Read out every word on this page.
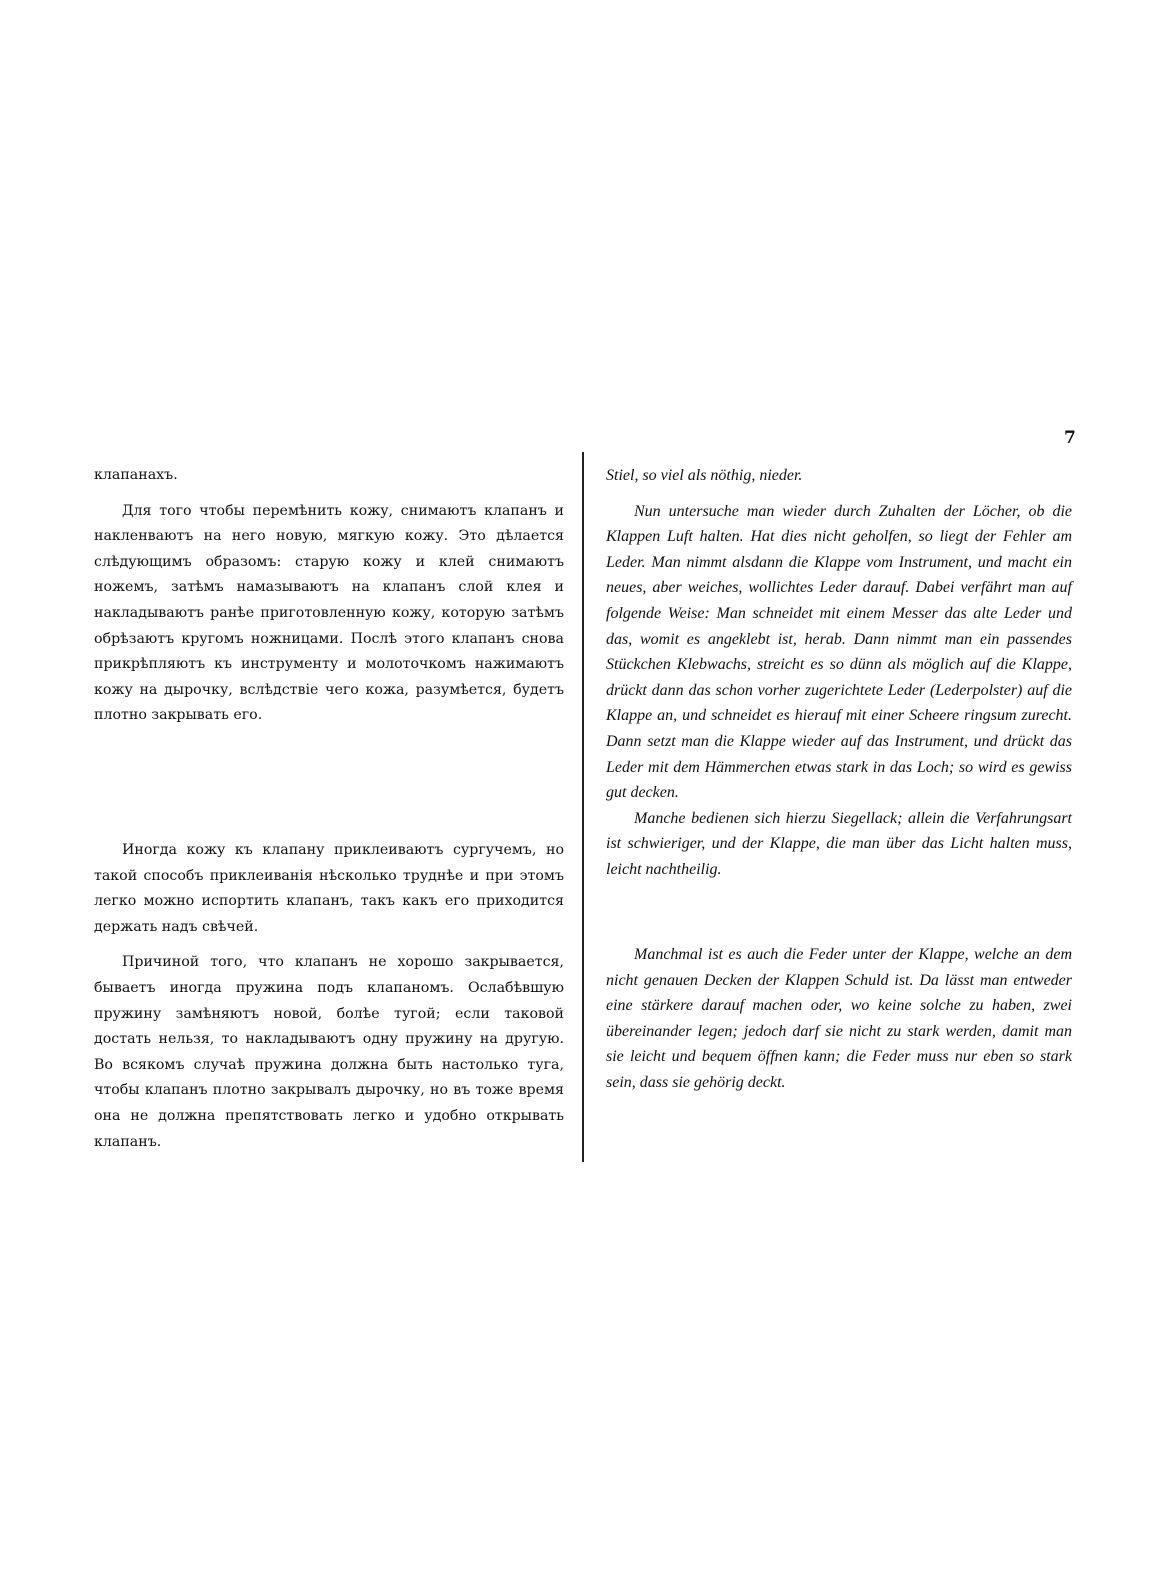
7

клапанахъ.

Для того чтобы перемѣнить кожу, снимаютъ клапанъ и накленваютъ на него новую, мягкую кожу. Это дѣлается слѣдующимъ образомъ: старую кожу и клей снимаютъ ножемъ, затѣмъ намазываютъ на клапанъ слой клея и накладываютъ ранѣе приготовленную кожу, которую затѣмъ обрѣзаютъ кругомъ ножницами. Послѣ этого клапанъ снова прикрѣпляютъ къ инструменту и молоточкомъ нажимаютъ кожу на дырочку, вслѣдствіе чего кожа, разумѣется, будетъ плотно закрывать его.

Иногда кожу къ клапану приклеиваютъ сургучемъ, но такой способъ приклеиванія нѣсколько труднѣе и при этомъ легко можно испортить клапанъ, такъ какъ его приходится держать надъ свѣчей.

Причиной того, что клапанъ не хорошо закрывается, бываетъ иногда пружина подъ клапаномъ. Ослабѣвшую пружину замѣняютъ новой, болѣе тугой; если таковой достать нельзя, то накладываютъ одну пружину на другую. Во всякомъ случаѣ пружина должна быть настолько туга, чтобы клапанъ плотно закрывалъ дырочку, но въ тоже время она не должна препятствовать легко и удобно открывать клапанъ.

Stiel, so viel als nöthig, nieder.

Nun untersuche man wieder durch Zuhalten der Löcher, ob die Klappen Luft halten. Hat dies nicht geholfen, so liegt der Fehler am Leder. Man nimmt alsdann die Klappe vom Instrument, und macht ein neues, aber weiches, wollichtes Leder darauf. Dabei verfährt man auf folgende Weise: Man schneidet mit einem Messer das alte Leder und das, womit es angeklebt ist, herab. Dann nimmt man ein passendes Stückchen Klebwachs, streicht es so dünn als möglich auf die Klappe, drückt dann das schon vorher zugerichtete Leder (Lederpolster) auf die Klappe an, und schneidet es hierauf mit einer Scheere ringsum zurecht. Dann setzt man die Klappe wieder auf das Instrument, und drückt das Leder mit dem Hämmerchen etwas stark in das Loch; so wird es gewiss gut decken.

Manche bedienen sich hierzu Siegellack; allein die Verfahrungsart ist schwieriger, und der Klappe, die man über das Licht halten muss, leicht nachtheilig.

Manchmal ist es auch die Feder unter der Klappe, welche an dem nicht genauen Decken der Klappen Schuld ist. Da lässt man entweder eine stärkere darauf machen oder, wo keine solche zu haben, zwei übereinander legen; jedoch darf sie nicht zu stark werden, damit man sie leicht und bequem öffnen kann; die Feder muss nur eben so stark sein, dass sie gehörig deckt.
